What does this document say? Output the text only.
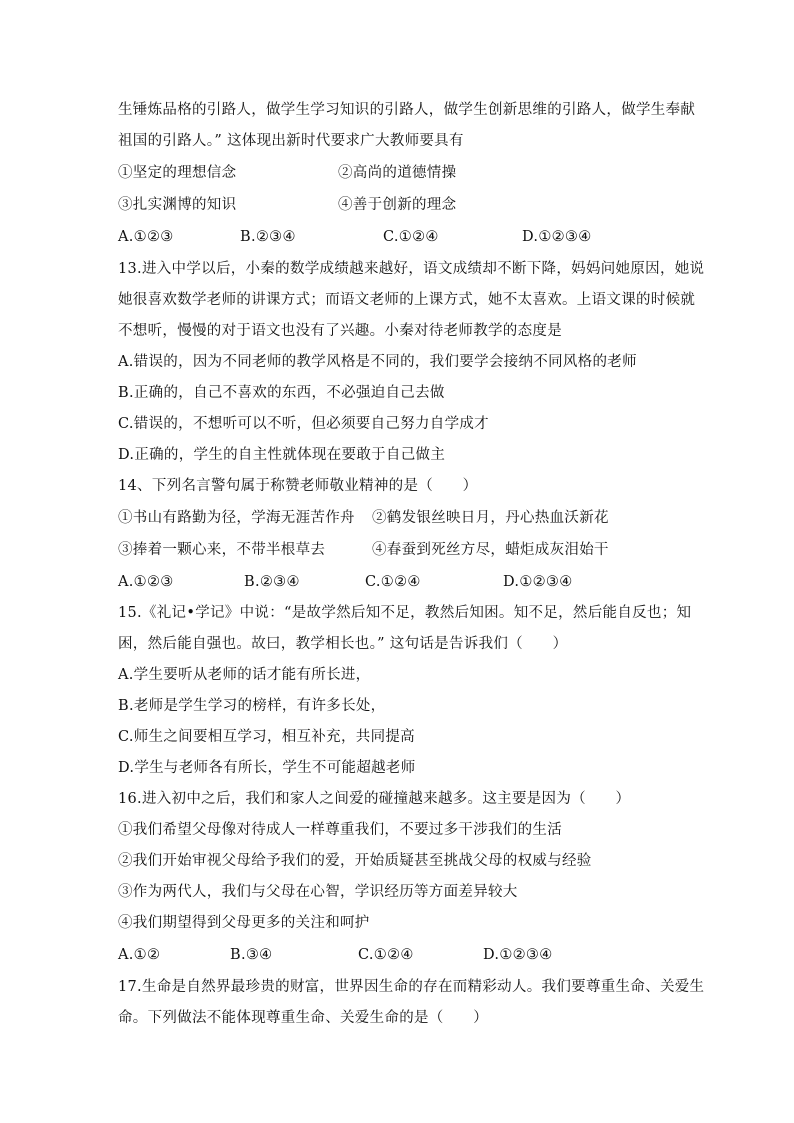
生锤炼品格的引路人，做学生学习知识的引路人，做学生创新思维的引路人，做学生奉献
祖国的引路人。” 这体现出新时代要求广大教师要具有
①坚定的理想信念	②高尚的道德情操
③扎实渊博的知识	④善于创新的理念
A.①②③	B.②③④	C.①②④	D.①②③④
13.进入中学以后，小秦的数学成绩越来越好，语文成绩却不断下降，妈妈问她原因，她说
她很喜欢数学老师的讲课方式；而语文老师的上课方式，她不太喜欢。上语文课的时候就
不想听，慢慢的对于语文也没有了兴趣。小秦对待老师教学的态度是
A.错误的，因为不同老师的教学风格是不同的，我们要学会接纳不同风格的老师
B.正确的，自己不喜欢的东西，不必强迫自己去做
C.错误的，不想听可以不听，但必须要自己努力自学成才
D.正确的，学生的自主性就体现在要敢于自己做主
14、下列名言警句属于称赞老师敬业精神的是（　　）
①书山有路勤为径，学海无涯苦作舟 ②鹤发银丝映日月，丹心热血沃新花
③捧着一颗心来，不带半根草去	④春蚕到死丝方尽，蜡炬成灰泪始干
A.①②③	B.②③④	C.①②④	D.①②③④
15.《礼记•学记》中说：“是故学然后知不足，教然后知困。知不足，然后能自反也；知
困，然后能自强也。故曰，教学相长也。” 这句话是告诉我们（　　）
A.学生要听从老师的话才能有所长进，
B.老师是学生学习的榜样，有许多长处，
C.师生之间要相互学习，相互补充，共同提高
D.学生与老师各有所长，学生不可能超越老师
16.进入初中之后，我们和家人之间爱的碰撞越来越多。这主要是因为（　　）
①我们希望父母像对待成人一样尊重我们，不要过多干涉我们的生活
②我们开始审视父母给予我们的爱，开始质疑甚至挑战父母的权威与经验
③作为两代人，我们与父母在心智，学识经历等方面差异较大
④我们期望得到父母更多的关注和呵护
A.①②	B.③④	C.①②④	D.①②③④
17.生命是自然界最珍贵的财富，世界因生命的存在而精彩动人。我们要尊重生命、关爱生
命。下列做法不能体现尊重生命、关爱生命的是（　　）
